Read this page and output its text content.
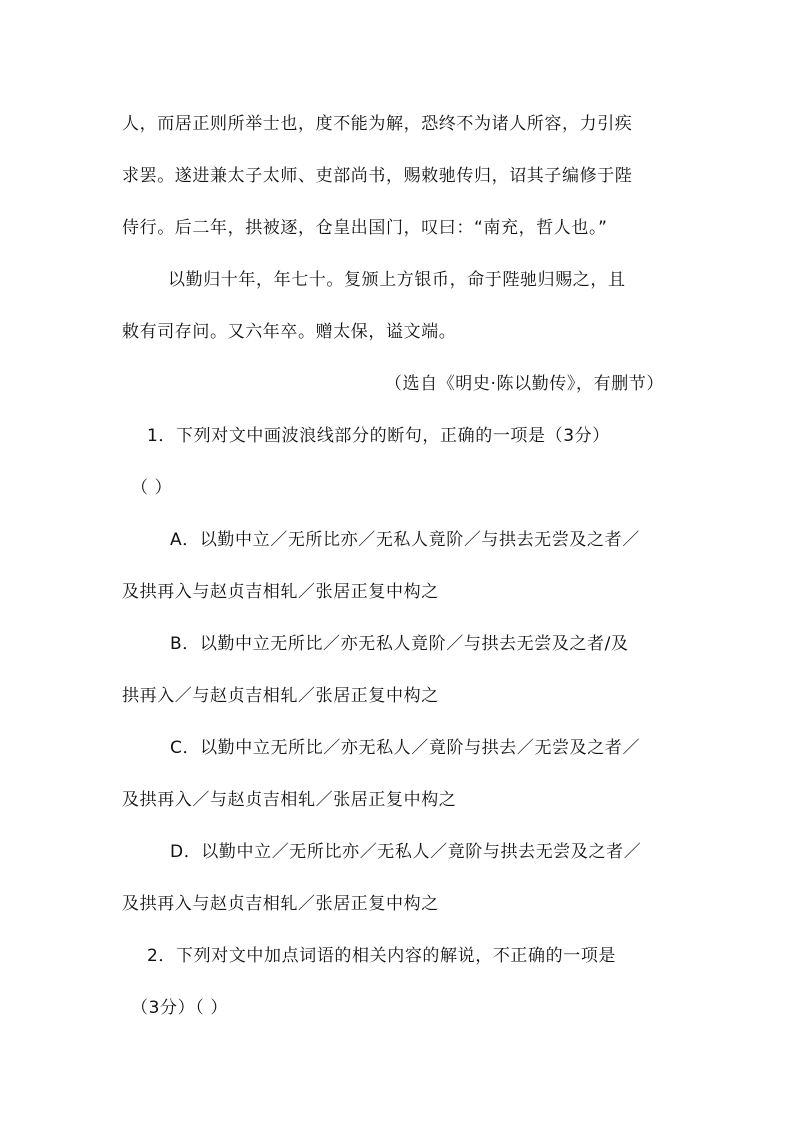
人，而居正则所举士也，度不能为解，恐终不为诸人所容，力引疾
求罢。遂进兼太子太师、吏部尚书，赐敕驰传归，诏其子编修于陛
侍行。后二年，拱被逐，仓皇出国门，叹曰：“南充，哲人也。”
以勤归十年，年七十。复颁上方银币，命于陛驰归赐之，且
敕有司存问。又六年卒。赠太保，谥文端。
（选自《明史·陈以勤传》，有删节）
1．下列对文中画波浪线部分的断句，正确的一项是（3分）
（ ）
A．以勤中立／无所比亦／无私人竟阶／与拱去无尝及之者／
及拱再入与赵贞吉相轧／张居正复中构之
B．以勤中立无所比／亦无私人竟阶／与拱去无尝及之者/及
拱再入／与赵贞吉相轧／张居正复中构之
C．以勤中立无所比／亦无私人／竟阶与拱去／无尝及之者／
及拱再入／与赵贞吉相轧／张居正复中构之
D．以勤中立／无所比亦／无私人／竟阶与拱去无尝及之者／
及拱再入与赵贞吉相轧／张居正复中构之
2．下列对文中加点词语的相关内容的解说，不正确的一项是
（3分）（ ）
